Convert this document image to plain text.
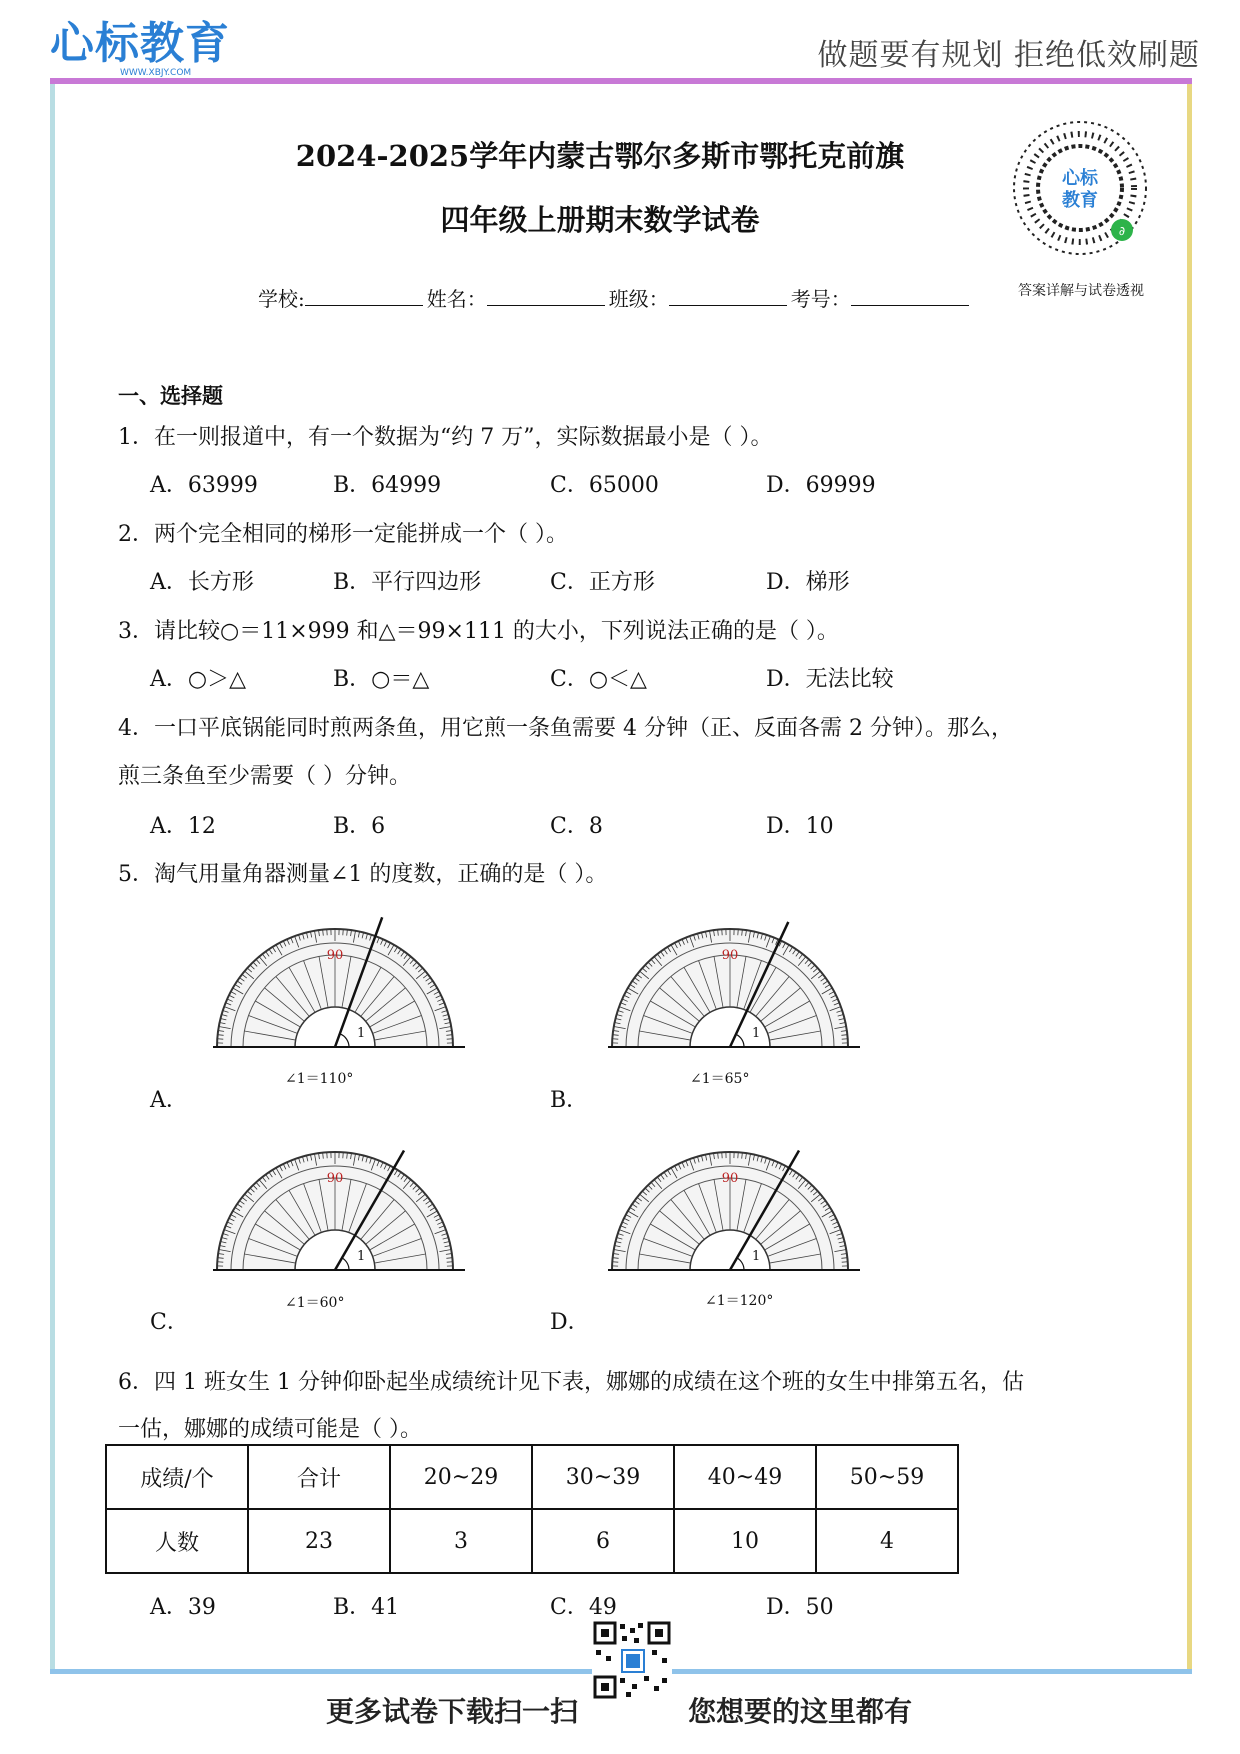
心标教育
WWW.XBJY.COM	做题要有规划 拒绝低效刷题
2024-2025学年内蒙古鄂尔多斯市鄂托克前旗
四年级上册期末数学试卷
心标
教育
∂
答案详解与试卷透视
学校:	姓名：	班级：	考号：
一、选择题
1．在一则报道中，有一个数据为“约 7 万”，实际数据最小是（ ）。
A．63999	B．64999	C．65000	D．69999
2．两个完全相同的梯形一定能拼成一个（ ）。
A．长方形	B．平行四边形	C．正方形	D．梯形
3．请比较○＝11×999 和△＝99×111 的大小，下列说法正确的是（ ）。
A．○＞△	B．○＝△	C．○＜△	D．无法比较
4．一口平底锅能同时煎两条鱼，用它煎一条鱼需要 4 分钟（正、反面各需 2 分钟）。那么，
煎三条鱼至少需要（ ）分钟。
A．12	B．6	C．8	D．10
5．淘气用量角器测量∠1 的度数，正确的是（ ）。
90
1
A．
∠1＝110°
90
1
B．
∠1＝65°
90
1
C．
∠1＝60°
90
1
D．
∠1＝120°
6．四 1 班女生 1 分钟仰卧起坐成绩统计见下表，娜娜的成绩在这个班的女生中排第五名，估
一估，娜娜的成绩可能是（ ）。
成绩/个	合计	20~29	30~39	40~49	50~59
人数	23	3	6	10	4
A．39	B．41	C．49	D．50
更多试卷下载扫一扫	您想要的这里都有
